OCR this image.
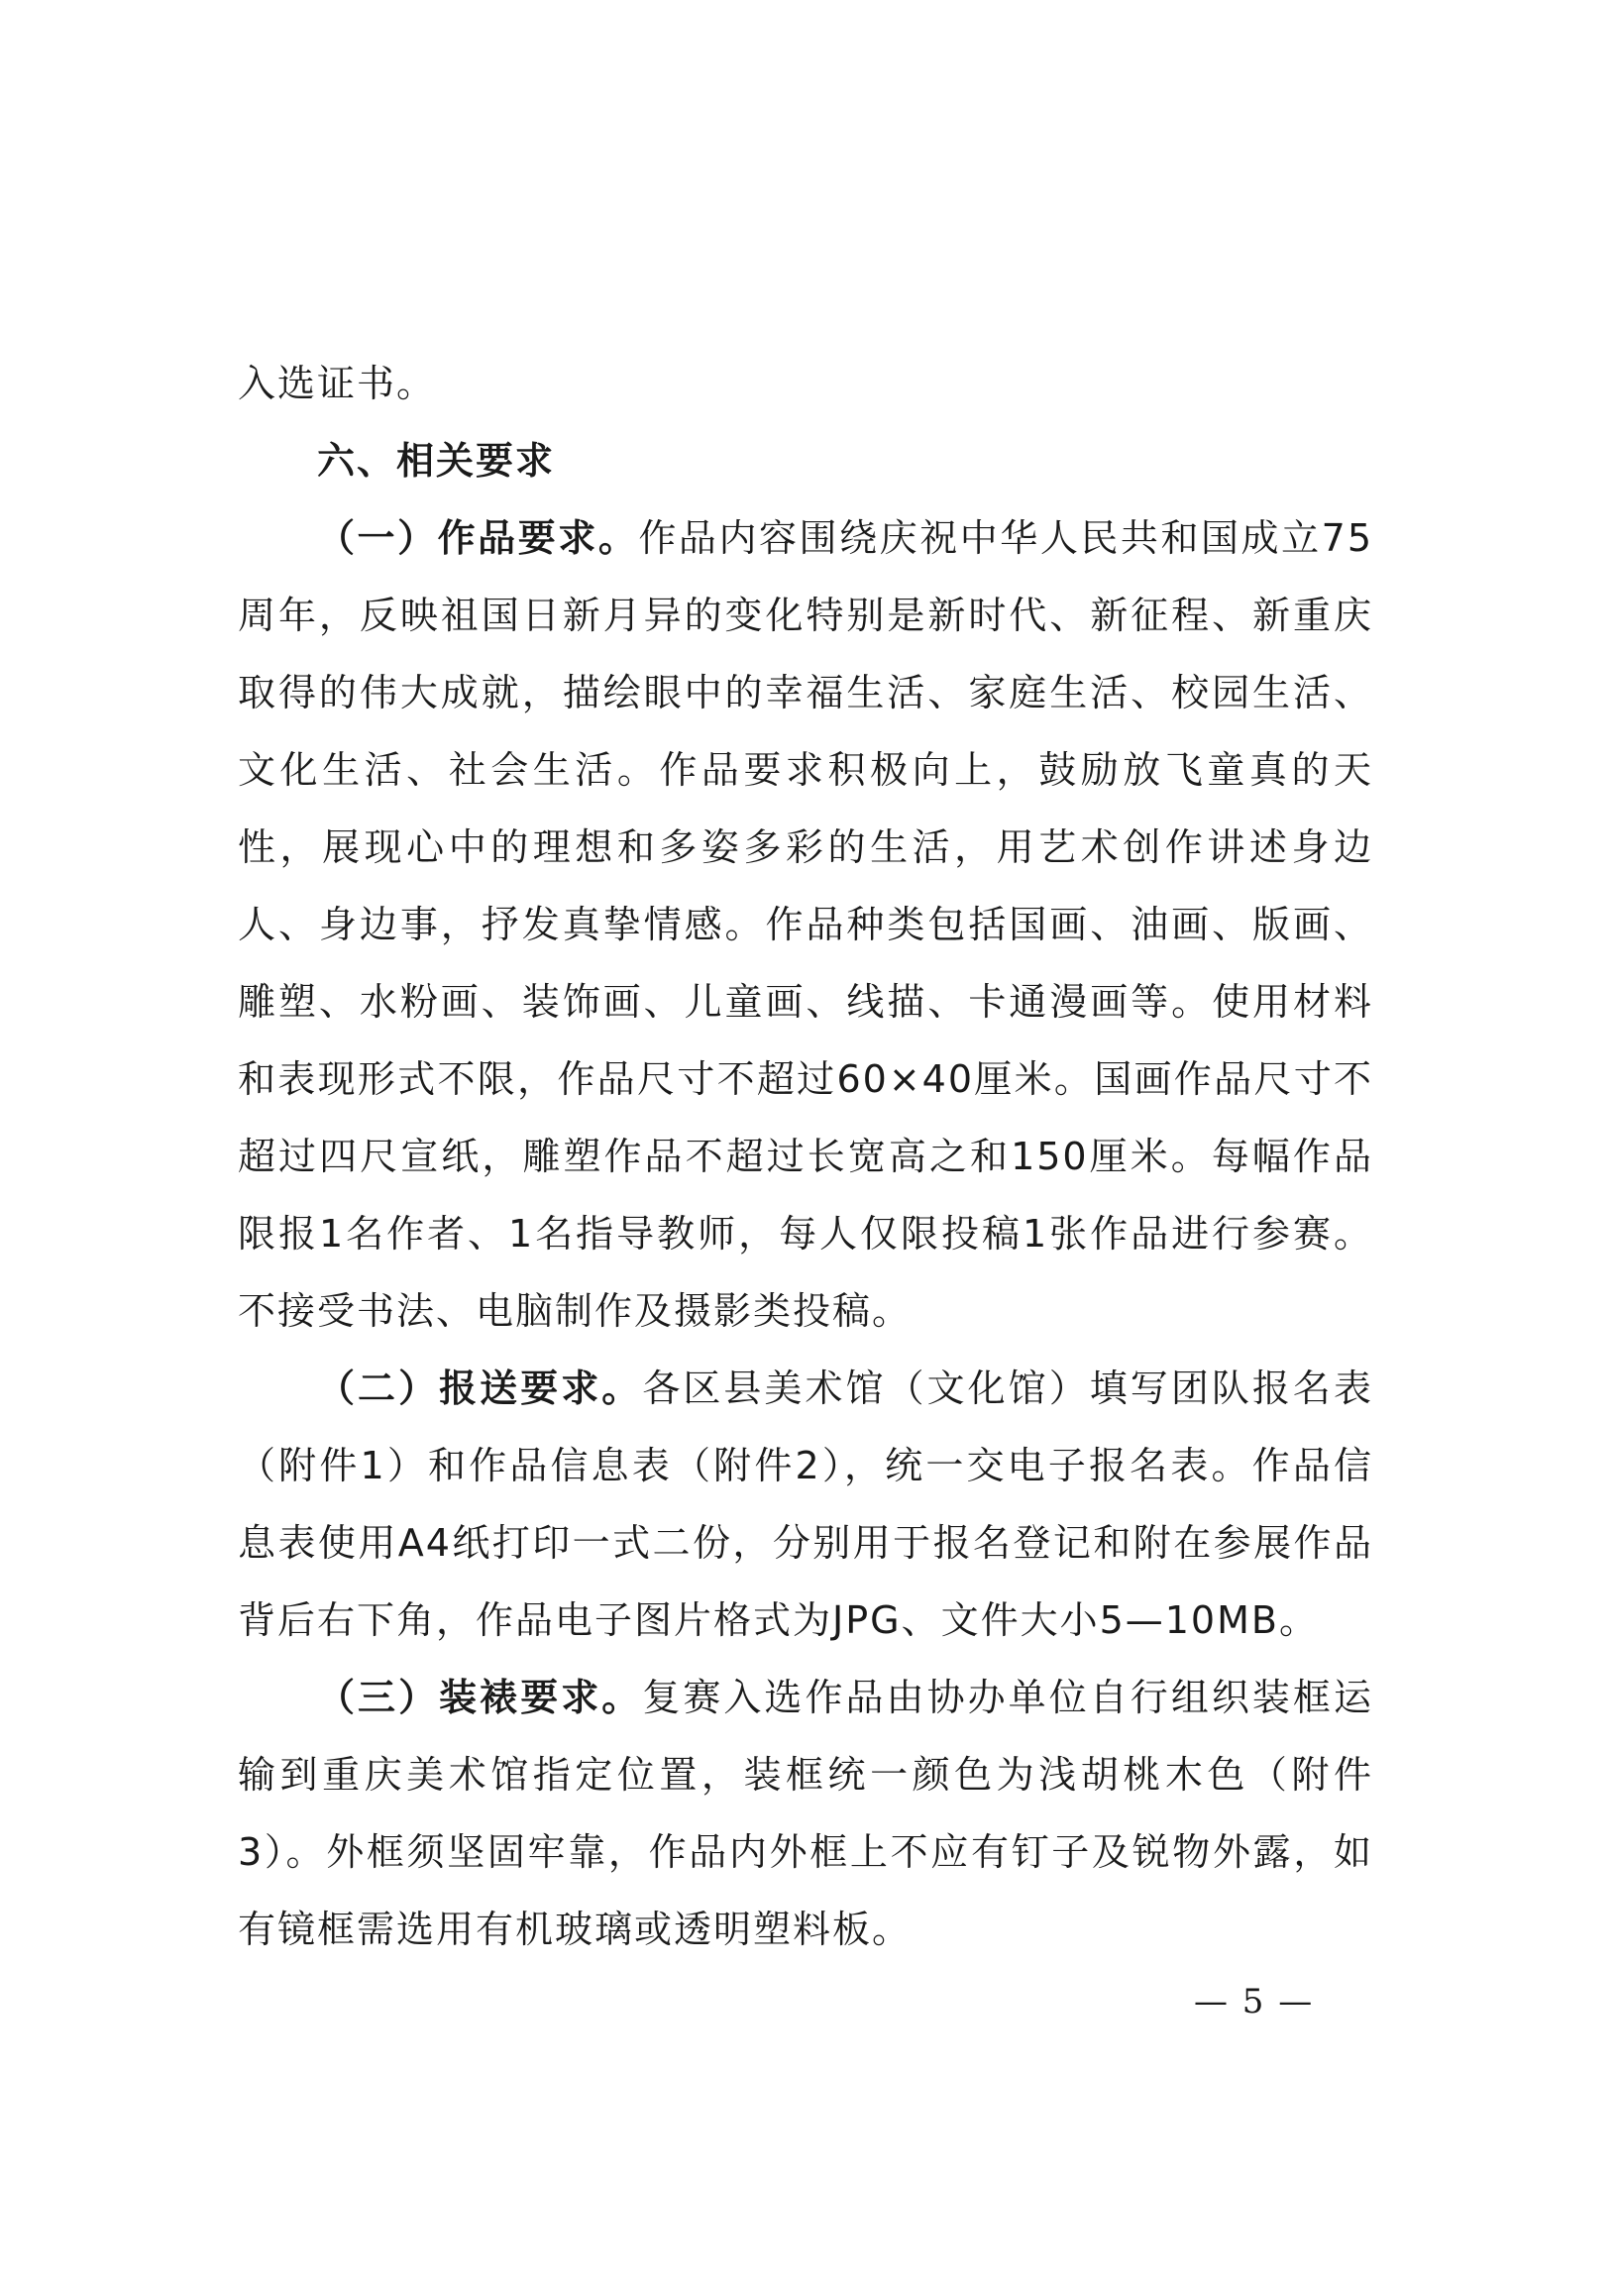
入选证书。

六、相关要求

（一）作品要求。作品内容围绕庆祝中华人民共和国成立75周年，反映祖国日新月异的变化特别是新时代、新征程、新重庆取得的伟大成就，描绘眼中的幸福生活、家庭生活、校园生活、文化生活、社会生活。作品要求积极向上，鼓励放飞童真的天性，展现心中的理想和多姿多彩的生活，用艺术创作讲述身边人、身边事，抒发真挚情感。作品种类包括国画、油画、版画、雕塑、水粉画、装饰画、儿童画、线描、卡通漫画等。使用材料和表现形式不限，作品尺寸不超过60×40厘米。国画作品尺寸不超过四尺宣纸，雕塑作品不超过长宽高之和150厘米。每幅作品限报1名作者、1名指导教师，每人仅限投稿1张作品进行参赛。不接受书法、电脑制作及摄影类投稿。

（二）报送要求。各区县美术馆（文化馆）填写团队报名表（附件1）和作品信息表（附件2），统一交电子报名表。作品信息表使用A4纸打印一式二份，分别用于报名登记和附在参展作品背后右下角，作品电子图片格式为JPG、文件大小5—10MB。

（三）装裱要求。复赛入选作品由协办单位自行组织装框运输到重庆美术馆指定位置，装框统一颜色为浅胡桃木色（附件3）。外框须坚固牢靠，作品内外框上不应有钉子及锐物外露，如有镜框需选用有机玻璃或透明塑料板。

— 5 —
